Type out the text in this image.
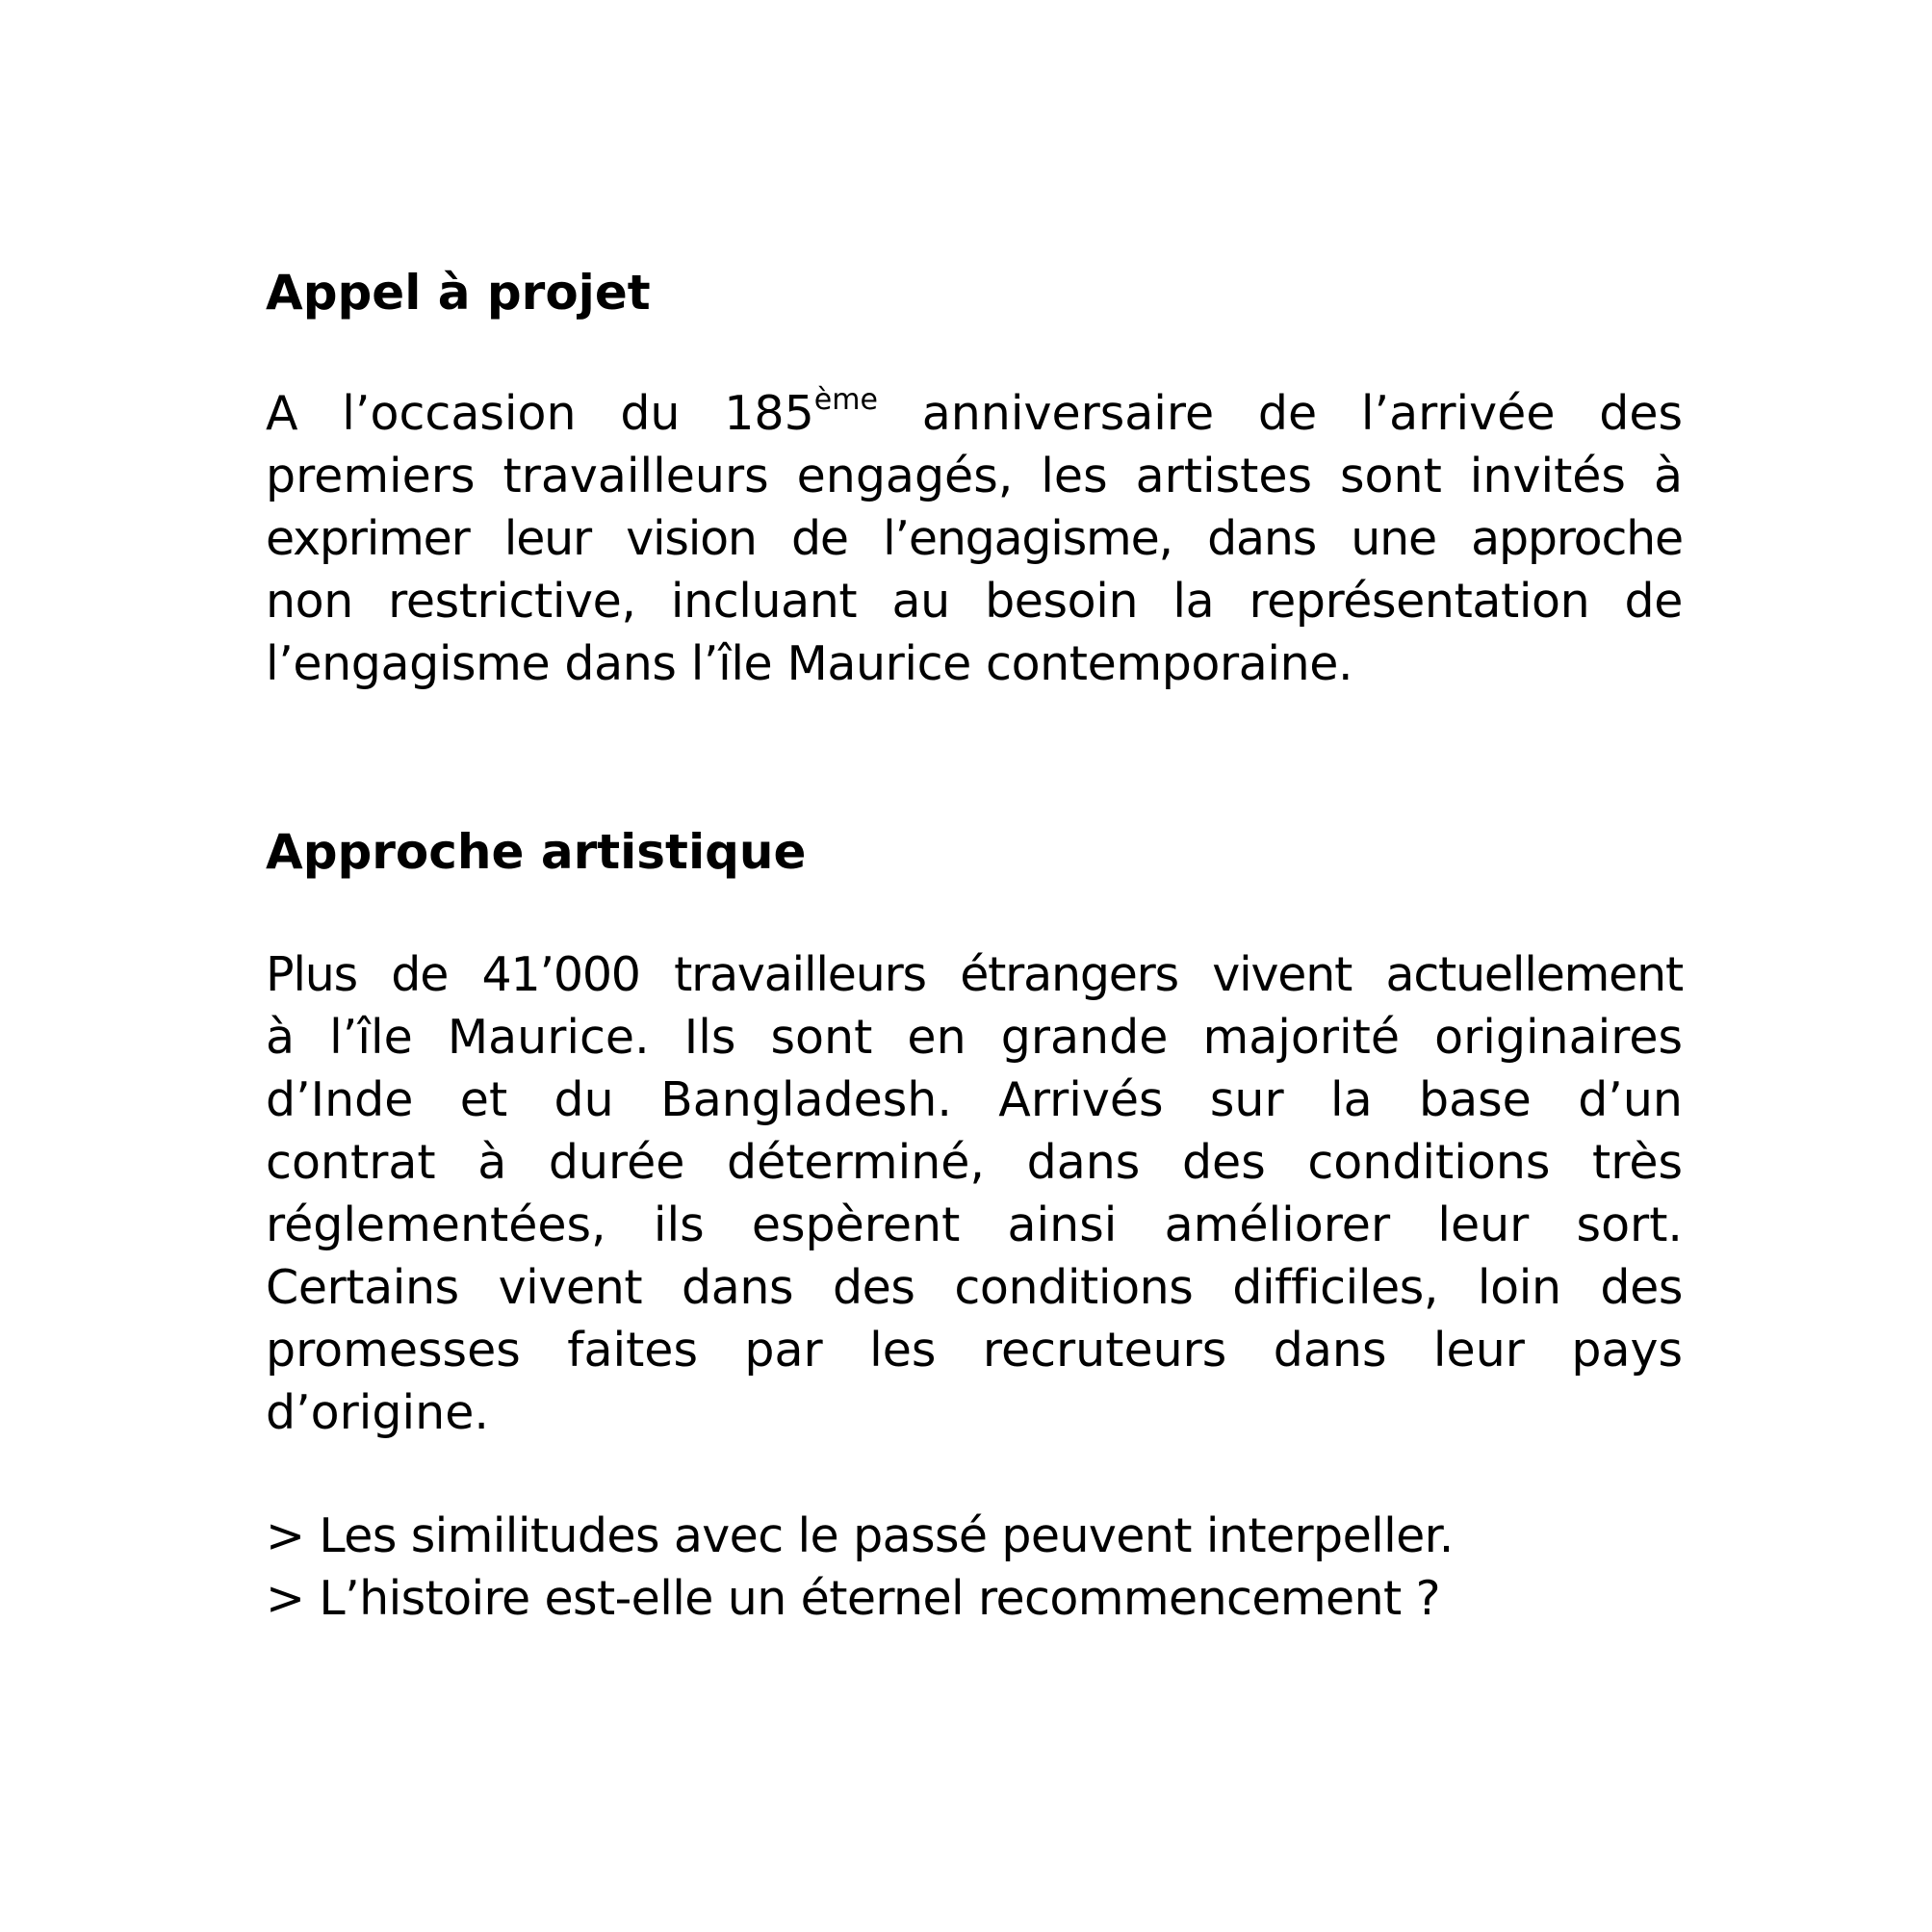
Appel à projet
A l’occasion du 185ème anniversaire de l’arrivée des
premiers travailleurs engagés, les artistes sont invités à
exprimer leur vision de l’engagisme, dans une approche
non restrictive, incluant au besoin la représentation de
l’engagisme dans l’île Maurice contemporaine.
Approche artistique
Plus de 41’000 travailleurs étrangers vivent actuellement
à l’île Maurice. Ils sont en grande majorité originaires
d’Inde et du Bangladesh. Arrivés sur la base d’un
contrat à durée déterminé, dans des conditions très
réglementées, ils espèrent ainsi améliorer leur sort.
Certains vivent dans des conditions difficiles, loin des
promesses faites par les recruteurs dans leur pays
d’origine.
> Les similitudes avec le passé peuvent interpeller.
> L’histoire est-elle un éternel recommencement ?
